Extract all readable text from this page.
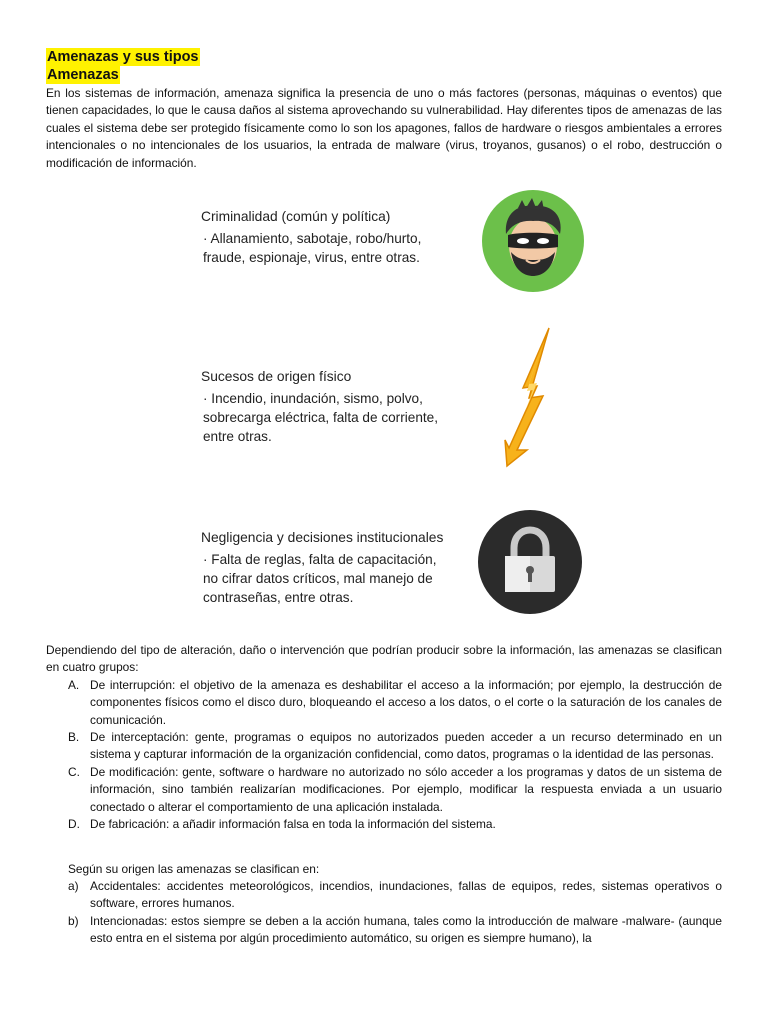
Amenazas y sus tipos
Amenazas

En los sistemas de información, amenaza significa la presencia de uno o más factores (personas, máquinas o eventos) que tienen capacidades, lo que le causa daños al sistema aprovechando su vulnerabilidad. Hay diferentes tipos de amenazas de las cuales el sistema debe ser protegido físicamente como lo son los apagones, fallos de hardware o riesgos ambientales a errores intencionales o no intencionales de los usuarios, la entrada de malware (virus, troyanos, gusanos) o el robo, destrucción o modificación de información.

Criminalidad (común y política)
· Allanamiento, sabotaje, robo/hurto,
fraude, espionaje, virus, entre otras.
Sucesos de origen físico
· Incendio, inundación, sismo, polvo,
sobrecarga eléctrica, falta de corriente,
entre otras.
Negligencia y decisiones institucionales
· Falta de reglas, falta de capacitación,
no cifrar datos críticos, mal manejo de
contraseñas, entre otras.

Dependiendo del tipo de alteración, daño o intervención que podrían producir sobre la información, las amenazas se clasifican en cuatro grupos:

A. De interrupción: el objetivo de la amenaza es deshabilitar el acceso a la información; por ejemplo, la destrucción de componentes físicos como el disco duro, bloqueando el acceso a los datos, o el corte o la saturación de los canales de comunicación.
B. De interceptación: gente, programas o equipos no autorizados pueden acceder a un recurso determinado en un sistema y capturar información de la organización confidencial, como datos, programas o la identidad de las personas.
C. De modificación: gente, software o hardware no autorizado no sólo acceder a los programas y datos de un sistema de información, sino también realizarían modificaciones. Por ejemplo, modificar la respuesta enviada a un usuario conectado o alterar el comportamiento de una aplicación instalada.
D. De fabricación: a añadir información falsa en toda la información del sistema.

Según su origen las amenazas se clasifican en:

a) Accidentales: accidentes meteorológicos, incendios, inundaciones, fallas de equipos, redes, sistemas operativos o software, errores humanos.
b) Intencionadas: estos siempre se deben a la acción humana, tales como la introducción de malware -malware- (aunque esto entra en el sistema por algún procedimiento automático, su origen es siempre humano), la
